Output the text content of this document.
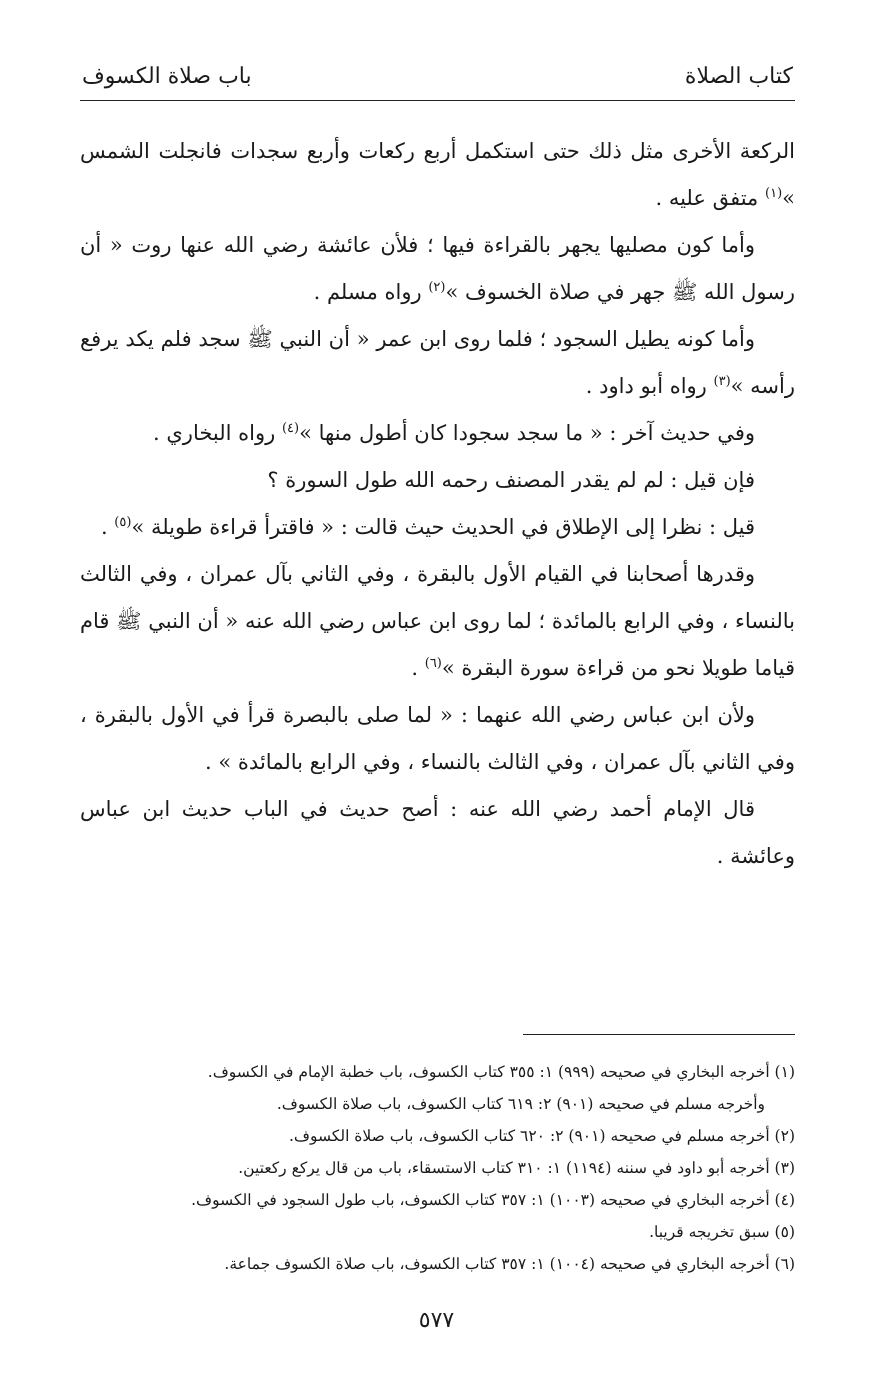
كتاب الصلاة
باب صلاة الكسوف

الركعة الأخرى مثل ذلك حتى استكمل أربع ركعات وأربع سجدات فانجلت الشمس »$^{(١)}$ متفق عليه .

وأما كون مصليها يجهر بالقراءة فيها ؛ فلأن عائشة رضي الله عنها روت « أن رسول الله ﷺ جهر في صلاة الخسوف »$^{(٢)}$ رواه مسلم .

وأما كونه يطيل السجود ؛ فلما روى ابن عمر « أن النبي ﷺ سجد فلم يكد يرفع رأسه »$^{(٣)}$ رواه أبو داود .

وفي حديث آخر : « ما سجد سجودا كان أطول منها »$^{(٤)}$ رواه البخاري .

فإن قيل : لم لم يقدر المصنف رحمه الله طول السورة ؟

قيل : نظرا إلى الإطلاق في الحديث حيث قالت : « فاقترأ قراءة طويلة »$^{(٥)}$ .

وقدرها أصحابنا في القيام الأول بالبقرة ، وفي الثاني بآل عمران ، وفي الثالث بالنساء ، وفي الرابع بالمائدة ؛ لما روى ابن عباس رضي الله عنه « أن النبي ﷺ قام قياما طويلا نحو من قراءة سورة البقرة »$^{(٦)}$ .

ولأن ابن عباس رضي الله عنهما : « لما صلى بالبصرة قرأ في الأول بالبقرة ، وفي الثاني بآل عمران ، وفي الثالث بالنساء ، وفي الرابع بالمائدة » .

قال الإمام أحمد رضي الله عنه : أصح حديث في الباب حديث ابن عباس وعائشة .

(١) أخرجه البخاري في صحيحه (٩٩٩) ١: ٣٥٥ كتاب الكسوف، باب خطبة الإمام في الكسوف.
وأخرجه مسلم في صحيحه (٩٠١) ٢: ٦١٩ كتاب الكسوف، باب صلاة الكسوف.
(٢) أخرجه مسلم في صحيحه (٩٠١) ٢: ٦٢٠ كتاب الكسوف، باب صلاة الكسوف.
(٣) أخرجه أبو داود في سننه (١١٩٤) ١: ٣١٠ كتاب الاستسقاء، باب من قال يركع ركعتين.
(٤) أخرجه البخاري في صحيحه (١٠٠٣) ١: ٣٥٧ كتاب الكسوف، باب طول السجود في الكسوف.
(٥) سبق تخريجه قريبا.
(٦) أخرجه البخاري في صحيحه (١٠٠٤) ١: ٣٥٧ كتاب الكسوف، باب صلاة الكسوف جماعة.
٥٧٧
